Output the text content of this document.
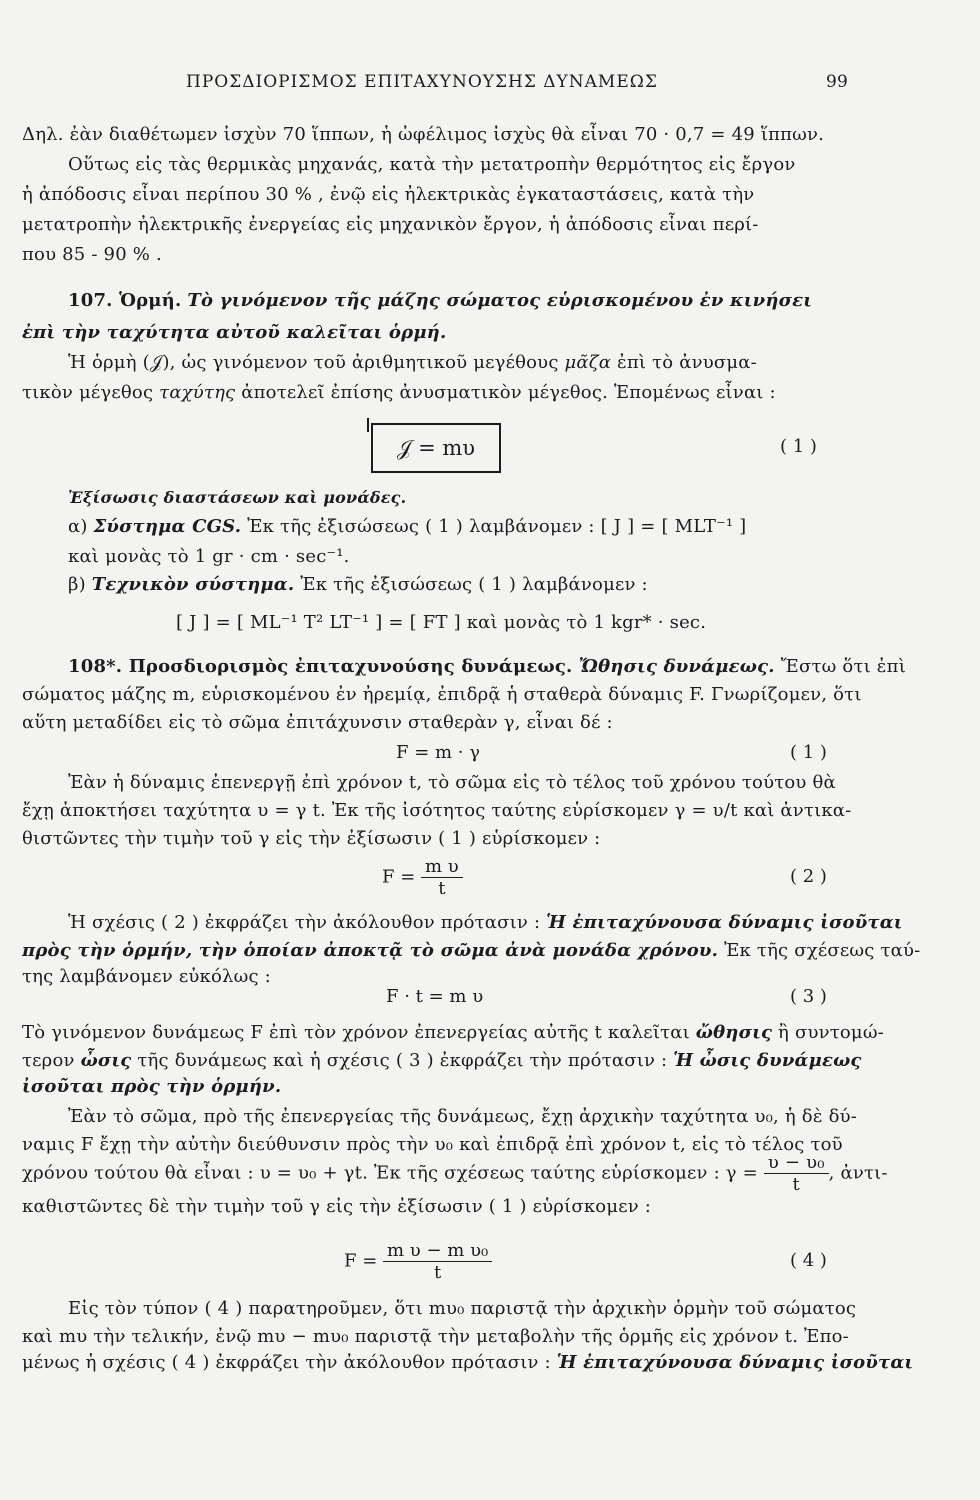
ΠΡΟΣΔΙΟΡΙΣΜΟΣ ΕΠΙΤΑΧΥΝΟΥΣΗΣ ΔΥΝΑΜΕΩΣ	99
Δηλ. ἐὰν διαθέτωμεν ἰσχὺν 70 ἵππων, ἡ ὠφέλιμος ἰσχὺς θὰ εἶναι 70 · 0,7 = 49 ἵππων.
Οὕτως εἰς τὰς θερμικὰς μηχανάς, κατὰ τὴν μετατροπὴν θερμότητος εἰς ἔργον
ἡ ἀπόδοσις εἶναι περίπου 30 % , ἐνῷ εἰς ἠλεκτρικὰς ἐγκαταστάσεις, κατὰ τὴν
μετατροπὴν ἠλεκτρικῆς ἐνεργείας εἰς μηχανικὸν ἔργον, ἡ ἀπόδοσις εἶναι περί-
που 85 - 90 % .
107. Ὁρμή. Τὸ γινόμενον τῆς μάζης σώματος εὑρισκομένου ἐν κινήσει
ἐπὶ τὴν ταχύτητα αὐτοῦ καλεῖται ὁρμή.
Ἡ ὁρμὴ (𝒥), ὡς γινόμενον τοῦ ἀριθμητικοῦ μεγέθους μᾶζα ἐπὶ τὸ ἀνυσμα-
τικὸν μέγεθος ταχύτης ἀποτελεῖ ἐπίσης ἀνυσματικὸν μέγεθος. Ἑπομένως εἶναι :
𝒥 = mυ	( 1 )
Ἐξίσωσις διαστάσεων καὶ μονάδες.
α) Σύστημα CGS. Ἐκ τῆς ἐξισώσεως ( 1 ) λαμβάνομεν : [ J ] = [ MLT⁻¹ ]
καὶ μονὰς τὸ 1 gr · cm · sec⁻¹.
β) Τεχνικὸν σύστημα. Ἐκ τῆς ἐξισώσεως ( 1 ) λαμβάνομεν :
[ J ] = [ ML⁻¹ T² LT⁻¹ ] = [ FT ] καὶ μονὰς τὸ 1 kgr* · sec.
108*. Προσδιορισμὸς ἐπιταχυνούσης δυνάμεως. Ὤθησις δυνάμεως. Ἔστω ὅτι ἐπὶ
σώματος μάζης m, εὑρισκομένου ἐν ἠρεμίᾳ, ἐπιδρᾷ ἡ σταθερὰ δύναμις F. Γνωρίζομεν, ὅτι
αὕτη μεταδίδει εἰς τὸ σῶμα ἐπιτάχυνσιν σταθερὰν γ, εἶναι δέ :
F = m · γ	( 1 )
Ἐὰν ἡ δύναμις ἐπενεργῇ ἐπὶ χρόνον t, τὸ σῶμα εἰς τὸ τέλος τοῦ χρόνου τούτου θὰ
ἔχῃ ἀποκτήσει ταχύτητα υ = γ t. Ἐκ τῆς ἰσότητος ταύτης εὑρίσκομεν γ = υ/t καὶ ἀντικα-
θιστῶντες τὴν τιμὴν τοῦ γ εἰς τὴν ἐξίσωσιν ( 1 ) εὑρίσκομεν :
$F = \frac{\text{m υ}}{t}$	( 2 )
Ἡ σχέσις ( 2 ) ἐκφράζει τὴν ἀκόλουθον πρότασιν : Ἡ ἐπιταχύνουσα δύναμις ἰσοῦται
πρὸς τὴν ὁρμήν, τὴν ὁποίαν ἀποκτᾷ τὸ σῶμα ἀνὰ μονάδα χρόνου. Ἐκ τῆς σχέσεως ταύ-
της λαμβάνομεν εὐκόλως :
F · t = m υ	( 3 )
Τὸ γινόμενον δυνάμεως F ἐπὶ τὸν χρόνον ἐπενεργείας αὐτῆς t καλεῖται ὤθησις ἢ συντομώ-
τερον ὦσις τῆς δυνάμεως καὶ ἡ σχέσις ( 3 ) ἐκφράζει τὴν πρότασιν : Ἡ ὦσις δυνάμεως
ἰσοῦται πρὸς τὴν ὁρμήν.
Ἐὰν τὸ σῶμα, πρὸ τῆς ἐπενεργείας τῆς δυνάμεως, ἔχῃ ἀρχικὴν ταχύτητα υ₀, ἡ δὲ δύ-
ναμις F ἔχῃ τὴν αὐτὴν διεύθυνσιν πρὸς τὴν υ₀ καὶ ἐπιδρᾷ ἐπὶ χρόνον t, εἰς τὸ τέλος τοῦ
χρόνου τούτου θὰ εἶναι : υ = υ₀ + γt. Ἐκ τῆς σχέσεως ταύτης εὑρίσκομεν : $\gamma = \frac{\text{υ − υ₀}}{t}$ , ἀντι-
καθιστῶντες δὲ τὴν τιμὴν τοῦ γ εἰς τὴν ἐξίσωσιν ( 1 ) εὑρίσκομεν :
$F = \frac{\text{m υ − m υ₀}}{t}$	( 4 )
Εἰς τὸν τύπον ( 4 ) παρατηροῦμεν, ὅτι mυ₀ παριστᾷ τὴν ἀρχικὴν ὁρμὴν τοῦ σώματος
καὶ mυ τὴν τελικήν, ἐνῷ mυ − mυ₀ παριστᾷ τὴν μεταβολὴν τῆς ὁρμῆς εἰς χρόνον t. Ἐπο-
μένως ἡ σχέσις ( 4 ) ἐκφράζει τὴν ἀκόλουθον πρότασιν : Ἡ ἐπιταχύνουσα δύναμις ἰσοῦται
